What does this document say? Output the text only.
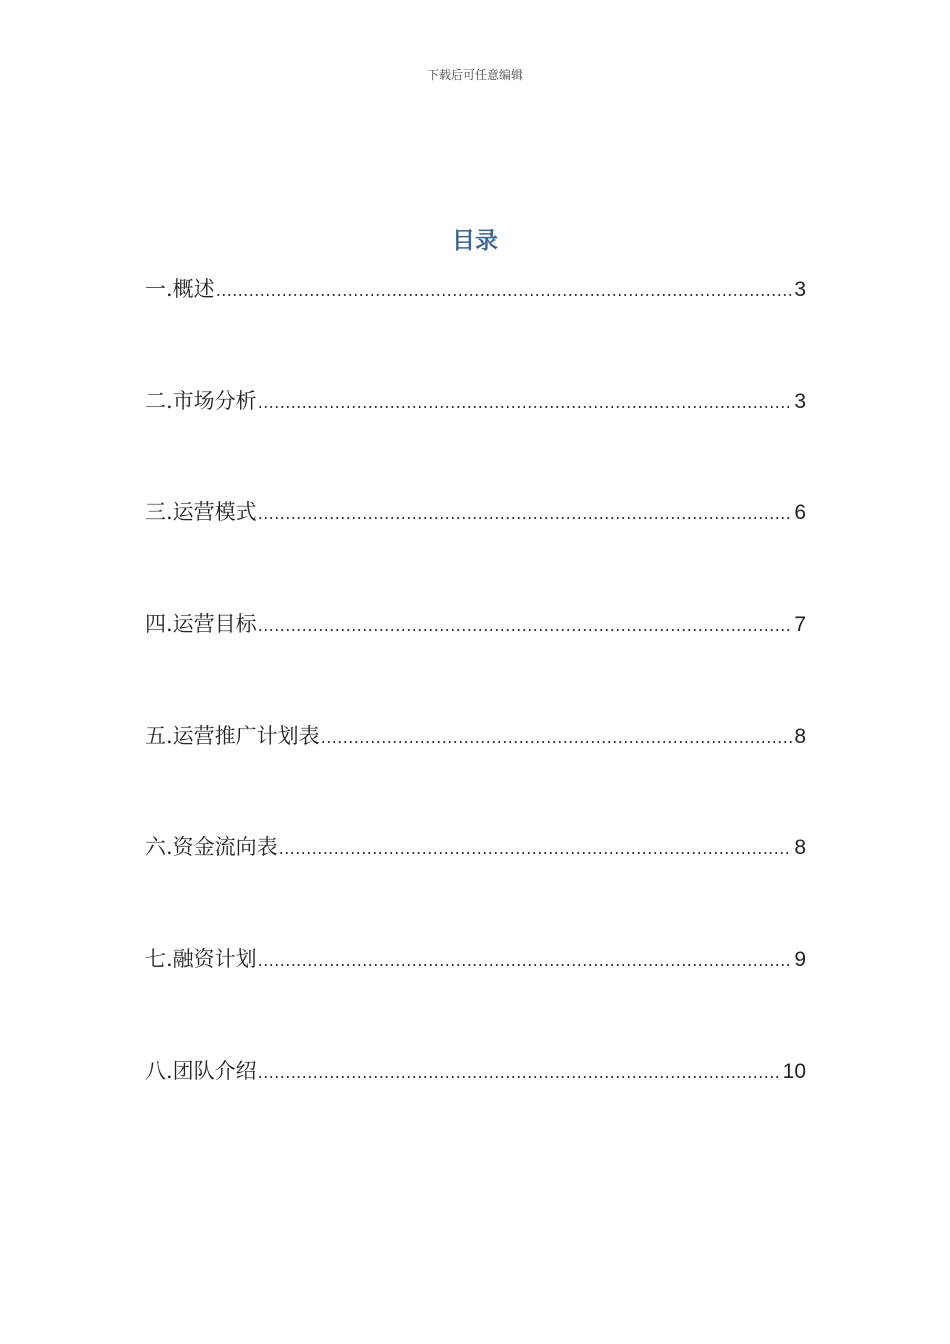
下载后可任意编辑
目录
一.概述 .....	3
二.市场分析 .....	3
三.运营模式 .....	6
四.运营目标 .....	7
五.运营推广计划表 .....	8
六.资金流向表 .....	8
七.融资计划 .....	9
八.团队介绍 .....	10
